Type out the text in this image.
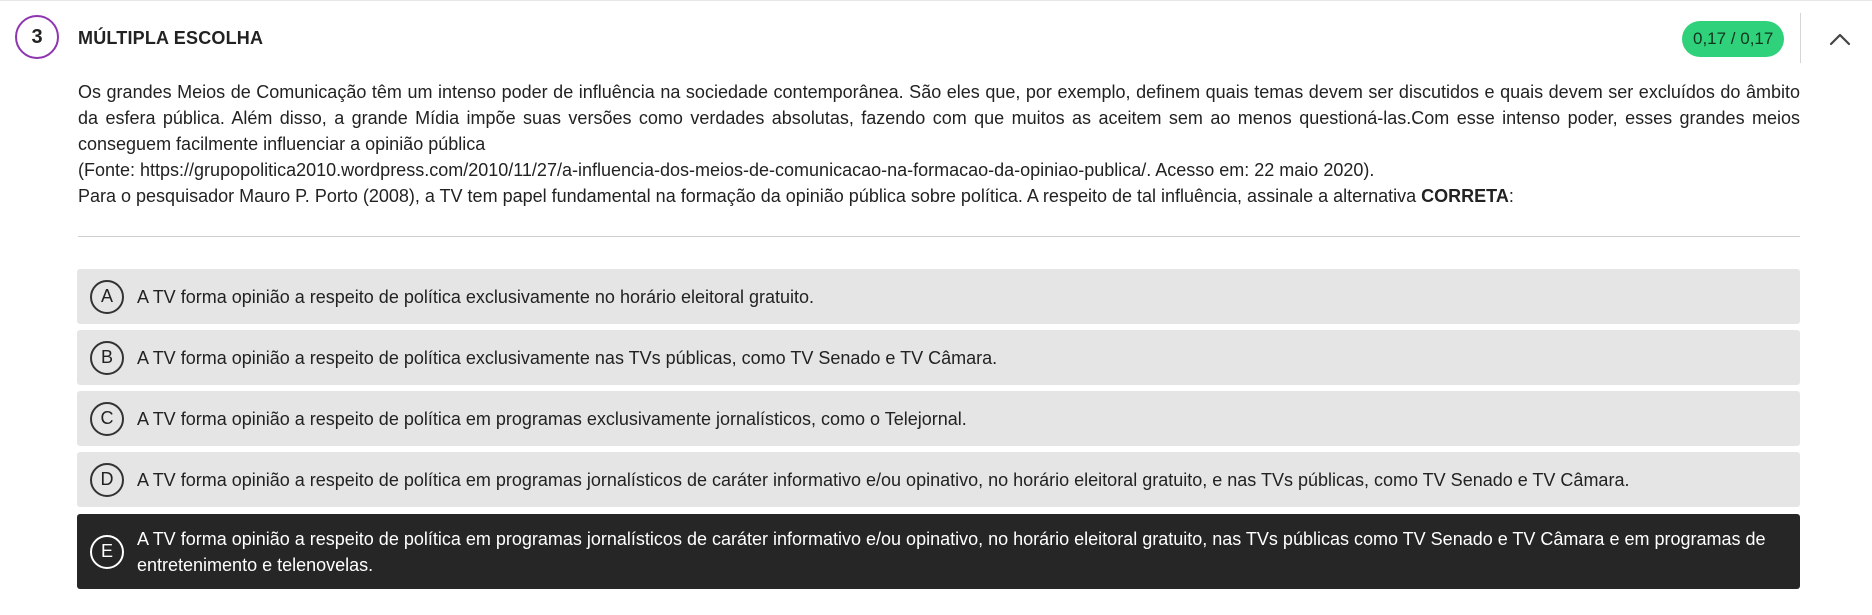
3	MÚLTIPLA ESCOLHA	0,17 / 0,17

Os grandes Meios de Comunicação têm um intenso poder de influência na sociedade contemporânea. São eles que, por exemplo, definem quais temas devem ser discutidos e quais devem ser excluídos do âmbito da esfera pública. Além disso, a grande Mídia impõe suas versões como verdades absolutas, fazendo com que muitos as aceitem sem ao menos questioná-las.Com esse intenso poder, esses grandes meios conseguem facilmente influenciar a opinião pública

(Fonte: https://grupopolitica2010.wordpress.com/2010/11/27/a-influencia-dos-meios-de-comunicacao-na-formacao-da-opiniao-publica/. Acesso em: 22 maio 2020).

Para o pesquisador Mauro P. Porto (2008), a TV tem papel fundamental na formação da opinião pública sobre política. A respeito de tal influência, assinale a alternativa CORRETA:

A	A TV forma opinião a respeito de política exclusivamente no horário eleitoral gratuito.
B	A TV forma opinião a respeito de política exclusivamente nas TVs públicas, como TV Senado e TV Câmara.
C	A TV forma opinião a respeito de política em programas exclusivamente jornalísticos, como o Telejornal.
D	A TV forma opinião a respeito de política em programas jornalísticos de caráter informativo e/ou opinativo, no horário eleitoral gratuito, e nas TVs públicas, como TV Senado e TV Câmara.
E
A TV forma opinião a respeito de política em programas jornalísticos de caráter informativo e/ou opinativo, no horário eleitoral gratuito, nas TVs públicas como TV Senado e TV Câmara e em programas de entretenimento e telenovelas.
